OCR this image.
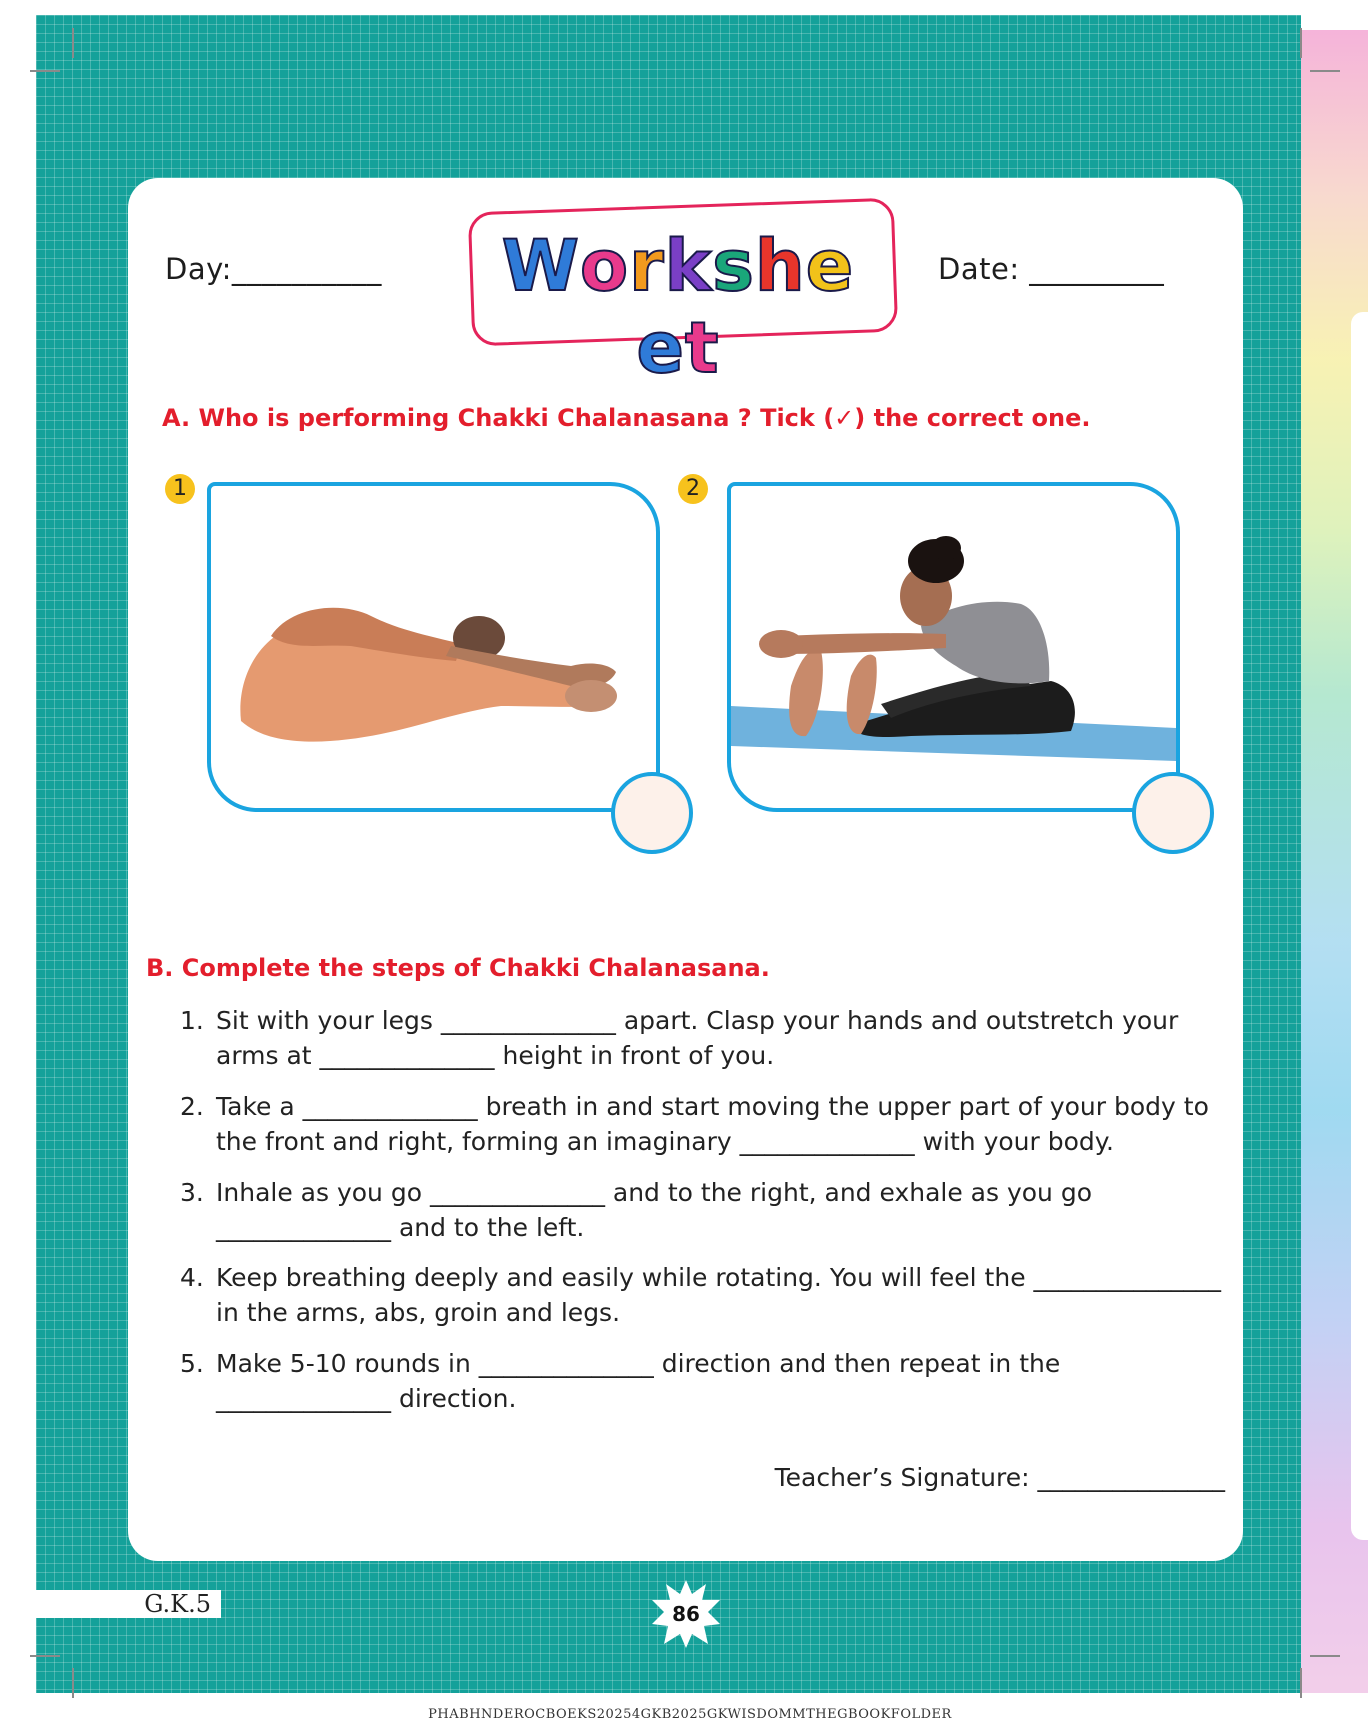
Day:__________	Worksheet
Date: _________
A. Who is performing Chakki Chalanasana ? Tick (✓) the correct one.
1	2
B. Complete the steps of Chakki Chalanasana.
1. Sit with your legs ______________ apart. Clasp your hands and outstretch your arms at ______________ height in front of you.
2. Take a ______________ breath in and start moving the upper part of your body to the front and right, forming an imaginary ______________ with your body.
3. Inhale as you go ______________ and to the right, and exhale as you go ______________ and to the left.
4. Keep breathing deeply and easily while rotating. You will feel the _______________ in the arms, abs, groin and legs.
5. Make 5-10 rounds in ______________ direction and then repeat in the ______________ direction.
Teacher’s Signature: _______________
G.K.5	86
PHABHNDEROCBOEKS20254GKB2025GKWISDOMMTHEGBOOKFOLDER
